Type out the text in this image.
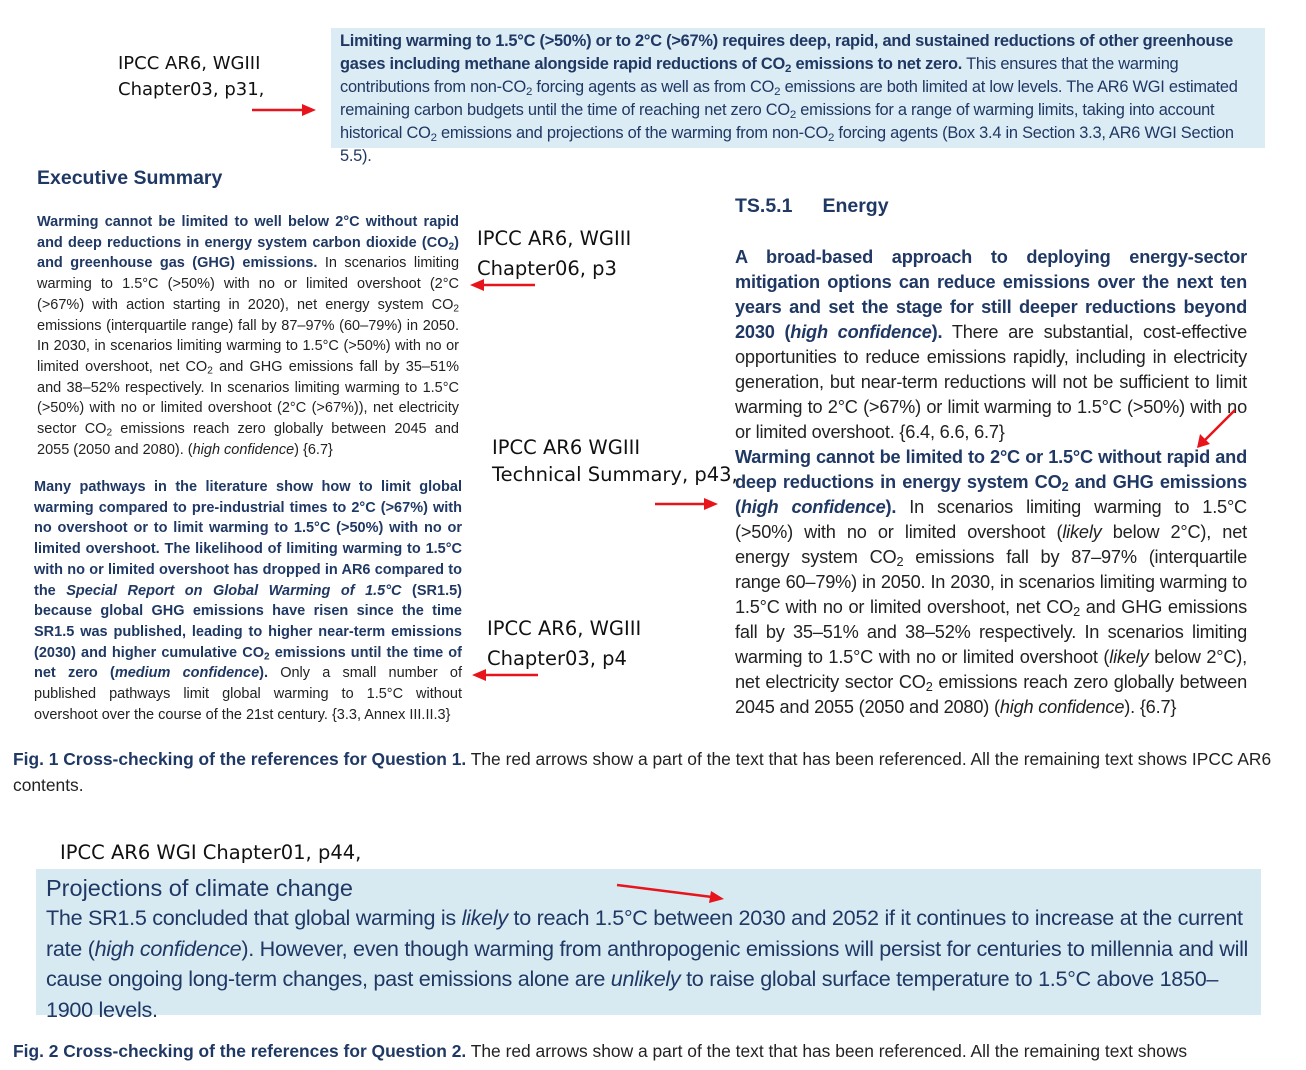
Limiting warming to 1.5°C (>50%) or to 2°C (>67%) requires deep, rapid, and sustained reductions of other greenhouse gases including methane alongside rapid reductions of $CO_2$ emissions to net zero. This ensures that the warming contributions from non-$CO_2$ forcing agents as well as from $CO_2$ emissions are both limited at low levels. The AR6 WGI estimated remaining carbon budgets until the time of reaching net zero $CO_2$ emissions for a range of warming limits, taking into account historical $CO_2$ emissions and projections of the warming from non-$CO_2$ forcing agents (Box 3.4 in Section 3.3, AR6 WGI Section 5.5).
IPCC AR6, WGIII
Chapter03, p31,
IPCC AR6, WGIII
Chapter06, p3
IPCC AR6 WGIII
Technical Summary, p43,
IPCC AR6, WGIII
Chapter03, p4
Executive Summary
Warming cannot be limited to well below 2°C without rapid and deep reductions in energy system carbon dioxide $(CO_2)$ and greenhouse gas (GHG) emissions. In scenarios limiting warming to 1.5°C (>50%) with no or limited overshoot (2°C (>67%) with action starting in 2020), net energy system $CO_2$ emissions (interquartile range) fall by 87–97% (60–79%) in 2050. In 2030, in scenarios limiting warming to 1.5°C (>50%) with no or limited overshoot, net $CO_2$ and GHG emissions fall by 35–51% and 38–52% respectively. In scenarios limiting warming to 1.5°C (>50%) with no or limited overshoot (2°C (>67%)), net electricity sector $CO_2$ emissions reach zero globally between 2045 and 2055 (2050 and 2080). (high confidence) {6.7}
Many pathways in the literature show how to limit global warming compared to pre-industrial times to 2°C (>67%) with no overshoot or to limit warming to 1.5°C (>50%) with no or limited overshoot. The likelihood of limiting warming to 1.5°C with no or limited overshoot has dropped in AR6 compared to the Special Report on Global Warming of 1.5°C (SR1.5) because global GHG emissions have risen since the time SR1.5 was published, leading to higher near-term emissions (2030) and higher cumulative $CO_2$ emissions until the time of net zero (medium confidence). Only a small number of published pathways limit global warming to 1.5°C without overshoot over the course of the 21st century. {3.3, Annex III.II.3}
TS.5.1 Energy
A broad-based approach to deploying energy-sector mitigation options can reduce emissions over the next ten years and set the stage for still deeper reductions beyond 2030 (high confidence). There are substantial, cost-effective opportunities to reduce emissions rapidly, including in electricity generation, but near-term reductions will not be sufficient to limit warming to 2°C (>67%) or limit warming to 1.5°C (>50%) with no or limited overshoot. {6.4, 6.6, 6.7}
Warming cannot be limited to 2°C or 1.5°C without rapid and deep reductions in energy system $CO_2$ and GHG emissions (high confidence). In scenarios limiting warming to 1.5°C (>50%) with no or limited overshoot (likely below 2°C), net energy system $CO_2$ emissions fall by 87–97% (interquartile range 60–79%) in 2050. In 2030, in scenarios limiting warming to 1.5°C with no or limited overshoot, net $CO_2$ and GHG emissions fall by 35–51% and 38–52% respectively. In scenarios limiting warming to 1.5°C with no or limited overshoot (likely below 2°C), net electricity sector $CO_2$ emissions reach zero globally between 2045 and 2055 (2050 and 2080) (high confidence). {6.7}
Fig. 1 Cross-checking of the references for Question 1. The red arrows show a part of the text that has been referenced. All the remaining text shows IPCC AR6 contents.
IPCC AR6 WGI Chapter01, p44,
Projections of climate change
The SR1.5 concluded that global warming is likely to reach 1.5°C between 2030 and 2052 if it continues to increase at the current rate (high confidence). However, even though warming from anthropogenic emissions will persist for centuries to millennia and will cause ongoing long-term changes, past emissions alone are unlikely to raise global surface temperature to 1.5°C above 1850–1900 levels.
Fig. 2 Cross-checking of the references for Question 2. The red arrows show a part of the text that has been referenced. All the remaining text shows
